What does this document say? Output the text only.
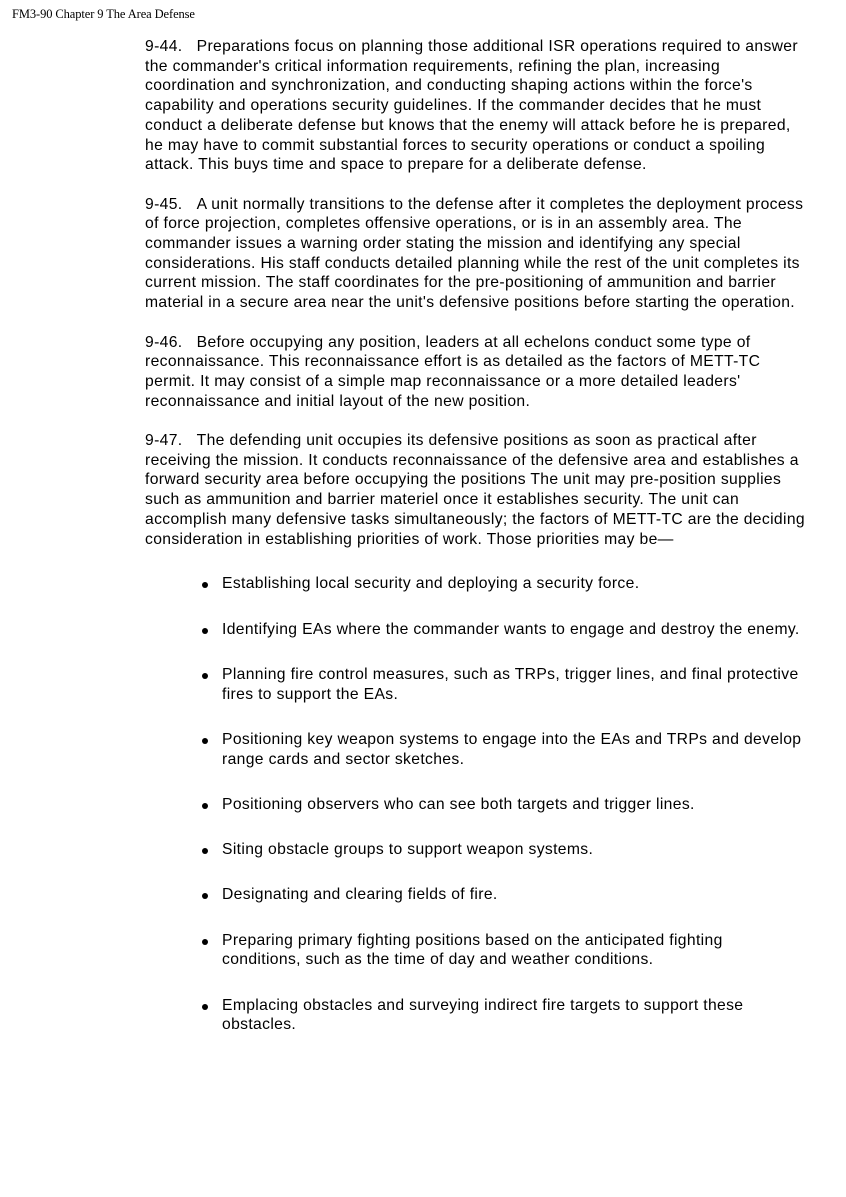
FM3-90 Chapter 9 The Area Defense

9-44. Preparations focus on planning those additional ISR operations required to answer the commander's critical information requirements, refining the plan, increasing coordination and synchronization, and conducting shaping actions within the force's capability and operations security guidelines. If the commander decides that he must conduct a deliberate defense but knows that the enemy will attack before he is prepared, he may have to commit substantial forces to security operations or conduct a spoiling attack. This buys time and space to prepare for a deliberate defense.

9-45. A unit normally transitions to the defense after it completes the deployment process of force projection, completes offensive operations, or is in an assembly area. The commander issues a warning order stating the mission and identifying any special considerations. His staff conducts detailed planning while the rest of the unit completes its current mission. The staff coordinates for the pre-positioning of ammunition and barrier material in a secure area near the unit's defensive positions before starting the operation.

9-46. Before occupying any position, leaders at all echelons conduct some type of reconnaissance. This reconnaissance effort is as detailed as the factors of METT-TC permit. It may consist of a simple map reconnaissance or a more detailed leaders' reconnaissance and initial layout of the new position.

9-47. The defending unit occupies its defensive positions as soon as practical after receiving the mission. It conducts reconnaissance of the defensive area and establishes a forward security area before occupying the positions The unit may pre-position supplies such as ammunition and barrier materiel once it establishes security. The unit can accomplish many defensive tasks simultaneously; the factors of METT-TC are the deciding consideration in establishing priorities of work. Those priorities may be—

Establishing local security and deploying a security force.
Identifying EAs where the commander wants to engage and destroy the enemy.
Planning fire control measures, such as TRPs, trigger lines, and final protective fires to support the EAs.
Positioning key weapon systems to engage into the EAs and TRPs and develop range cards and sector sketches.
Positioning observers who can see both targets and trigger lines.
Siting obstacle groups to support weapon systems.
Designating and clearing fields of fire.
Preparing primary fighting positions based on the anticipated fighting conditions, such as the time of day and weather conditions.
Emplacing obstacles and surveying indirect fire targets to support these obstacles.
